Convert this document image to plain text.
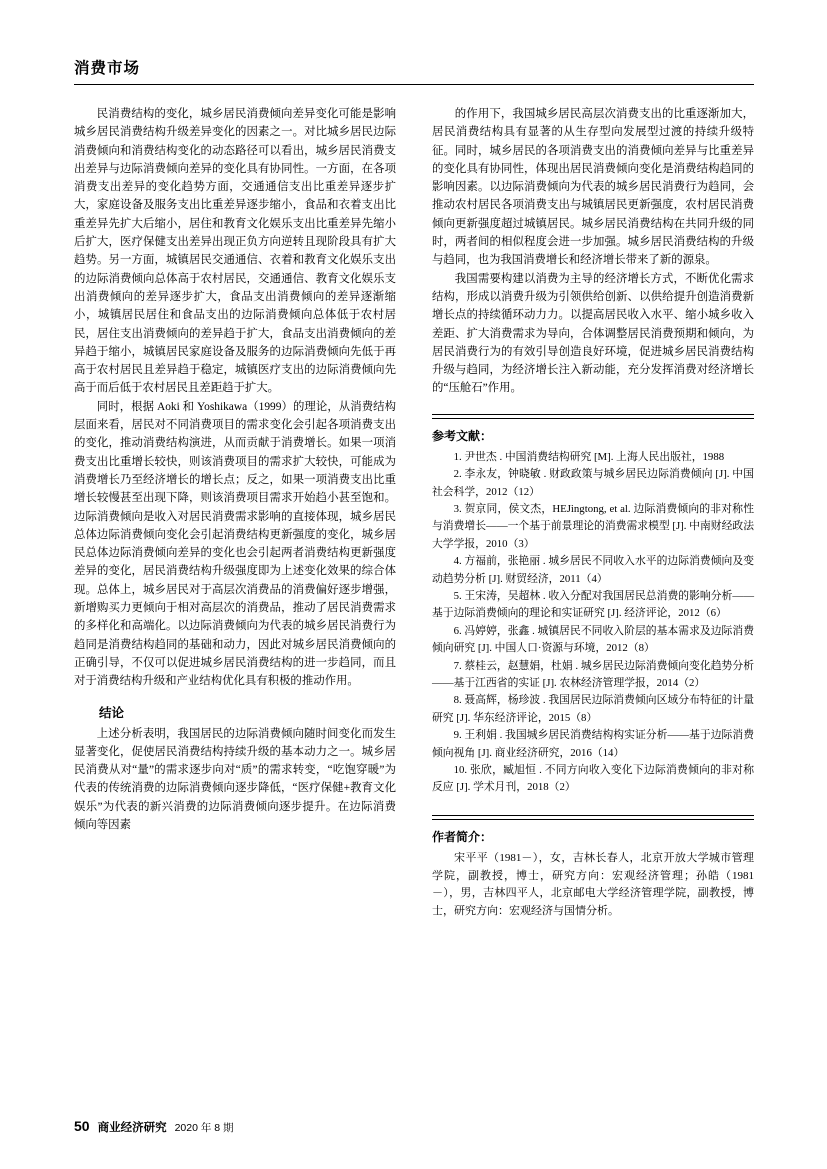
消费市场

民消费结构的变化，城乡居民消费倾向差异变化可能是影响城乡居民消费结构升级差异变化的因素之一。对比城乡居民边际消费倾向和消费结构变化的动态路径可以看出，城乡居民消费支出差异与边际消费倾向差异的变化具有协同性。一方面，在各项消费支出差异的变化趋势方面，交通通信支出比重差异逐步扩大，家庭设备及服务支出比重差异逐步缩小，食品和衣着支出比重差异先扩大后缩小，居住和教育文化娱乐支出比重差异先缩小后扩大，医疗保健支出差异出现正负方向逆转且现阶段具有扩大趋势。另一方面，城镇居民交通通信、衣着和教育文化娱乐支出的边际消费倾向总体高于农村居民，交通通信、教育文化娱乐支出消费倾向的差异逐步扩大，食品支出消费倾向的差异逐渐缩小，城镇居民居住和食品支出的边际消费倾向总体低于农村居民，居住支出消费倾向的差异趋于扩大，食品支出消费倾向的差异趋于缩小，城镇居民家庭设备及服务的边际消费倾向先低于再高于农村居民且差异趋于稳定，城镇医疗支出的边际消费倾向先高于而后低于农村居民且差距趋于扩大。

同时，根据 Aoki 和 Yoshikawa（1999）的理论，从消费结构层面来看，居民对不同消费项目的需求变化会引起各项消费支出的变化，推动消费结构演进，从而贡献于消费增长。如果一项消费支出比重增长较快，则该消费项目的需求扩大较快，可能成为消费增长乃至经济增长的增长点；反之，如果一项消费支出比重增长较慢甚至出现下降，则该消费项目需求开始趋小甚至饱和。边际消费倾向是收入对居民消费需求影响的直接体现，城乡居民总体边际消费倾向变化会引起消费结构更新强度的变化，城乡居民总体边际消费倾向差异的变化也会引起两者消费结构更新强度差异的变化，居民消费结构升级强度即为上述变化效果的综合体现。总体上，城乡居民对于高层次消费品的消费偏好逐步增强，新增购买力更倾向于相对高层次的消费品，推动了居民消费需求的多样化和高端化。以边际消费倾向为代表的城乡居民消费行为趋同是消费结构趋同的基础和动力，因此对城乡居民消费倾向的正确引导，不仅可以促进城乡居民消费结构的进一步趋同，而且对于消费结构升级和产业结构优化具有积极的推动作用。

结论

上述分析表明，我国居民的边际消费倾向随时间变化而发生显著变化，促使居民消费结构持续升级的基本动力之一。城乡居民消费从对“量”的需求逐步向对“质”的需求转变，“吃饱穿暖”为代表的传统消费的边际消费倾向逐步降低，“医疗保健+教育文化娱乐”为代表的新兴消费的边际消费倾向逐步提升。在边际消费倾向等因素

的作用下，我国城乡居民高层次消费支出的比重逐渐加大，居民消费结构具有显著的从生存型向发展型过渡的持续升级特征。同时，城乡居民的各项消费支出的消费倾向差异与比重差异的变化具有协同性，体现出居民消费倾向变化是消费结构趋同的影响因素。以边际消费倾向为代表的城乡居民消费行为趋同，会推动农村居民各项消费支出与城镇居民更新强度，农村居民消费倾向更新强度超过城镇居民。城乡居民消费结构在共同升级的同时，两者间的相似程度会进一步加强。城乡居民消费结构的升级与趋同，也为我国消费增长和经济增长带来了新的源泉。

我国需要构建以消费为主导的经济增长方式，不断优化需求结构，形成以消费升级为引领供给创新、以供给提升创造消费新增长点的持续循环动力力。以提高居民收入水平、缩小城乡收入差距、扩大消费需求为导向，合体调整居民消费预期和倾向，为居民消费行为的有效引导创造良好环境，促进城乡居民消费结构升级与趋同，为经济增长注入新动能，充分发挥消费对经济增长的“压舱石”作用。

参考文献：

1. 尹世杰 . 中国消费结构研究 [M]. 上海人民出版社，1988

2. 李永友，钟晓敏 . 财政政策与城乡居民边际消费倾向 [J]. 中国社会科学，2012（12）

3. 贺京同，侯文杰，HEJingtong, et al. 边际消费倾向的非对称性与消费增长——一个基于前景理论的消费需求模型 [J]. 中南财经政法大学学报，2010（3）

4. 方福前，张艳丽 . 城乡居民不同收入水平的边际消费倾向及变动趋势分析 [J]. 财贸经济，2011（4）

5. 王宋涛，吴超林 . 收入分配对我国居民总消费的影响分析——基于边际消费倾向的理论和实证研究 [J]. 经济评论，2012（6）

6. 冯婷婷，张鑫 . 城镇居民不同收入阶层的基本需求及边际消费倾向研究 [J]. 中国人口·资源与环境，2012（8）

7. 蔡桂云，赵慧娟，杜娟 . 城乡居民边际消费倾向变化趋势分析——基于江西省的实证 [J]. 农林经济管理学报，2014（2）

8. 聂高辉，杨珍波 . 我国居民边际消费倾向区域分布特征的计量研究 [J]. 华东经济评论，2015（8）

9. 王利娟 . 我国城乡居民消费结构构实证分析——基于边际消费倾向视角 [J]. 商业经济研究，2016（14）

10. 张欣，臧旭恒 . 不同方向收入变化下边际消费倾向的非对称反应 [J]. 学术月刊，2018（2）

作者简介：

宋平平（1981－），女，吉林长春人，北京开放大学城市管理学院，副教授，博士，研究方向：宏观经济管理；孙皓（1981－），男，吉林四平人，北京邮电大学经济管理学院，副教授，博士，研究方向：宏观经济与国情分析。

50 商业经济研究 2020 年 8 期
